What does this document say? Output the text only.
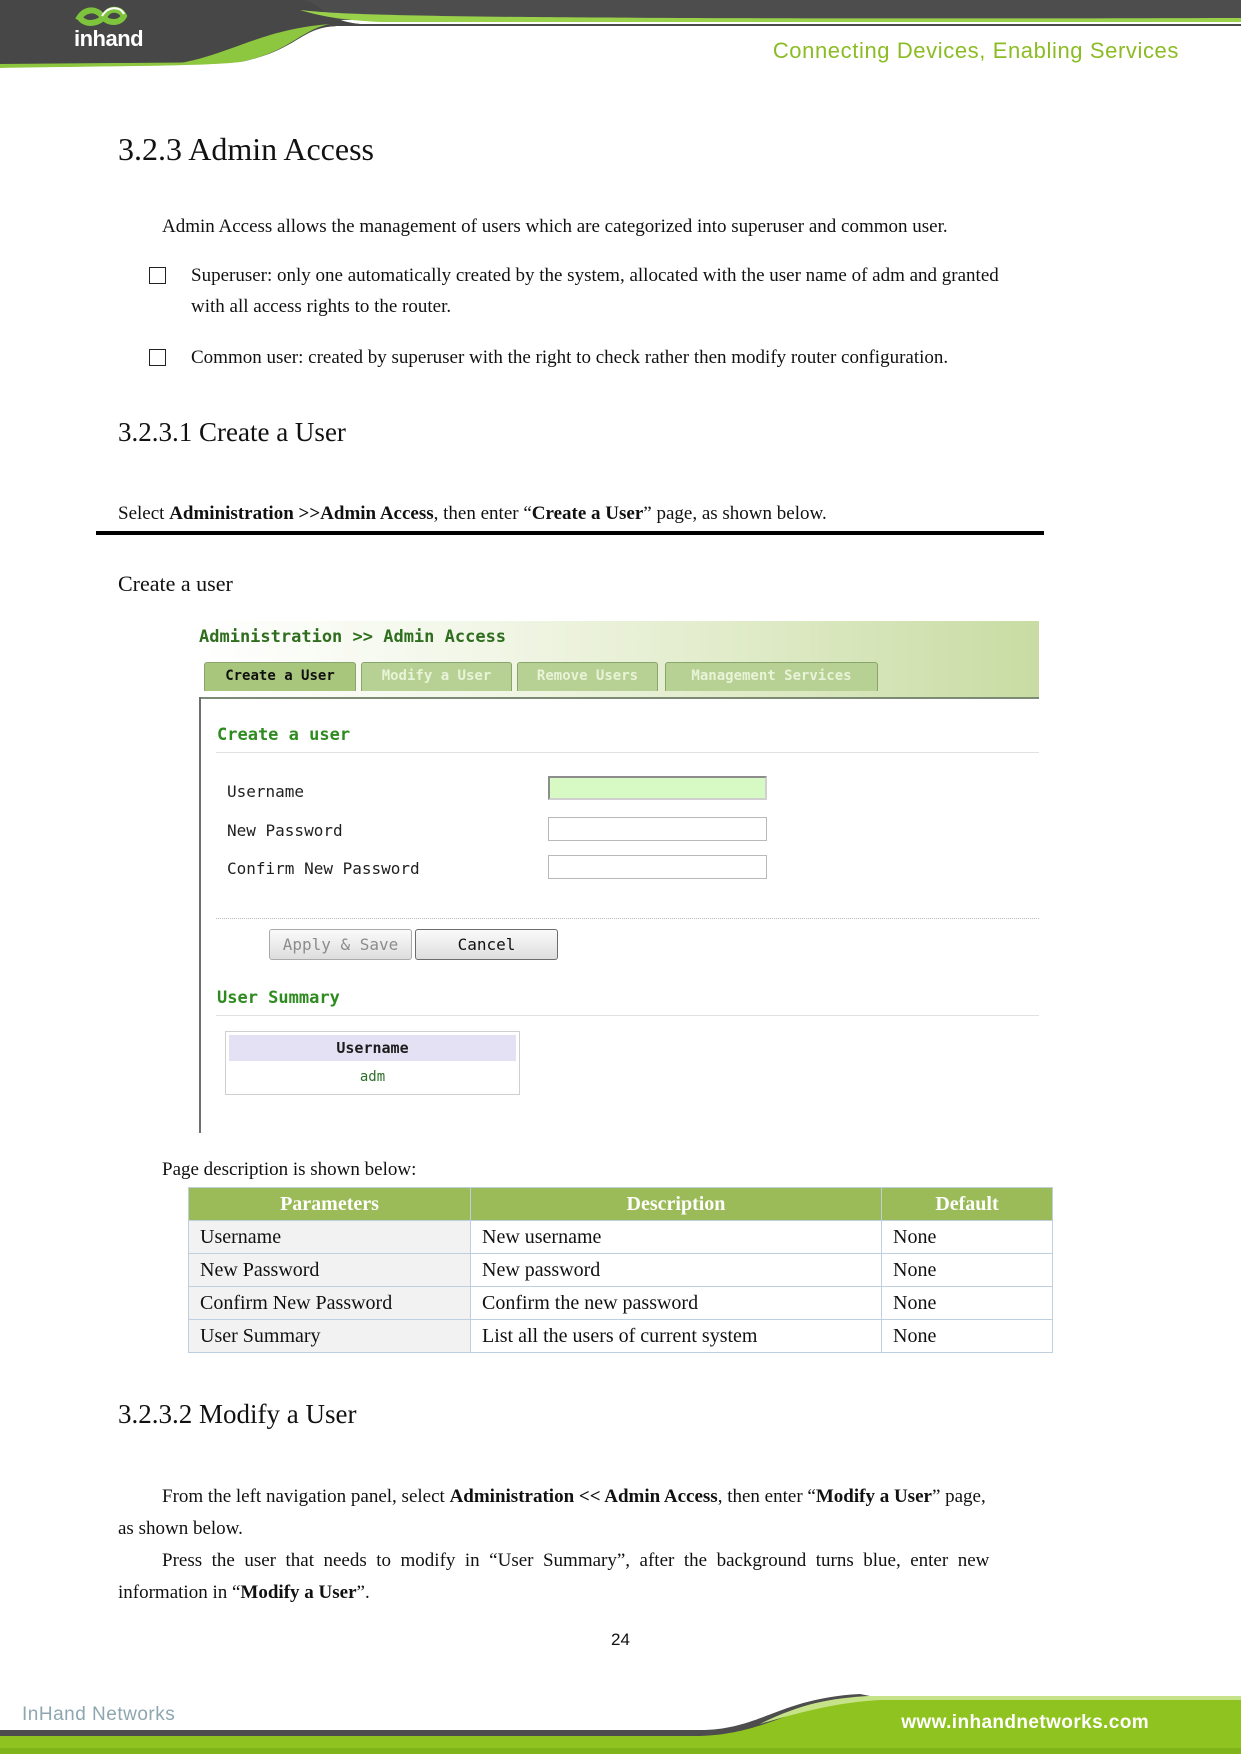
inhand	Connecting Devices, Enabling Services
3.2.3 Admin Access
Admin Access allows the management of users which are categorized into superuser and common user.
Superuser: only one automatically created by the system, allocated with the user name of adm and granted
with all access rights to the router.
Common user: created by superuser with the right to check rather then modify router configuration.
3.2.3.1 Create a User
Select Administration >>Admin Access, then enter “Create a User” page, as shown below.
Create a user
Administration >> Admin Access
Create a User	Modify a User	Remove Users	Management Services
Create a user
Username
New Password
Confirm New Password
Apply & Save	Cancel
User Summary
Username
adm
Page description is shown below:
Parameters	Description	Default
Username	New username	None
New Password	New password	None
Confirm New Password	Confirm the new password	None
User Summary	List all the users of current system	None
3.2.3.2 Modify a User
From the left navigation panel, select Administration << Admin Access, then enter “Modify a User” page,
as shown below.
Press  the  user  that  needs  to  modify  in  “User  Summary”,  after  the  background  turns  blue,  enter  new
information in “Modify a User”.
24
InHand Networks	www.inhandnetworks.com
